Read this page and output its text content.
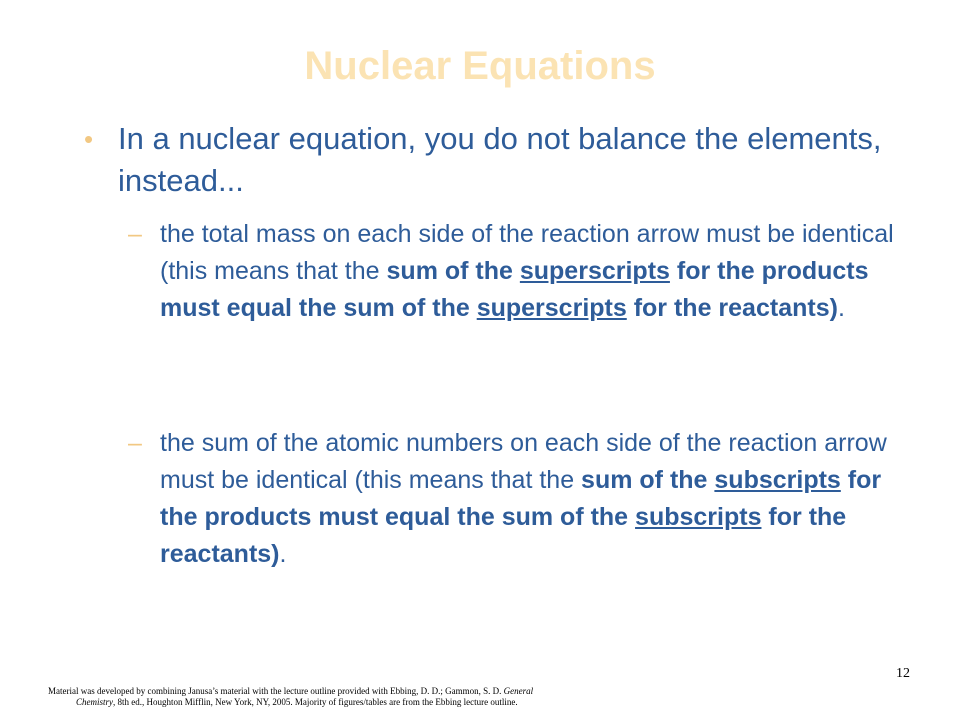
Nuclear Equations
• In a nuclear equation, you do not balance the elements, instead...
– the total mass on each side of the reaction arrow must be identical (this means that the sum of the superscripts for the products must equal the sum of the superscripts for the reactants).
– the sum of the atomic numbers on each side of the reaction arrow must be identical (this means that the sum of the subscripts for the products must equal the sum of the subscripts for the reactants).
12
Material was developed by combining Janusa’s material with the lecture outline provided with Ebbing, D. D.; Gammon, S. D. General
Chemistry, 8th ed., Houghton Mifflin, New York, NY, 2005. Majority of figures/tables are from the Ebbing lecture outline.
